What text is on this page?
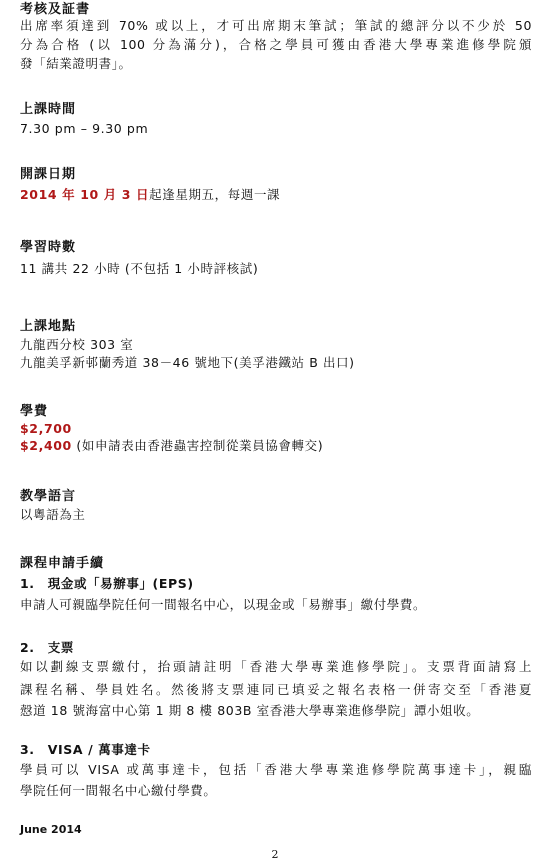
考核及証書
出席率須達到 70% 或以上，才可出席期末筆試；筆試的總評分以不少於 50
分為合格 (以 100 分為滿分)，合格之學員可獲由香港大學專業進修學院頒
發「結業證明書」。
上課時間
7.30 pm – 9.30 pm
開課日期
2014 年 10 月 3 日起逢星期五，每週一課
學習時數
11 講共 22 小時 (不包括 1 小時評核試)
上課地點
九龍西分校 303 室
九龍美孚新邨蘭秀道 38－46 號地下(美孚港鐵站 B 出口)
學費
$2,700
$2,400 (如申請表由香港蟲害控制從業員協會轉交)
教學語言
以粵語為主
課程申請手續
1.　現金或「易辦事」(EPS)
申請人可親臨學院任何一間報名中心，以現金或「易辦事」繳付學費。
2.　支票
如以劃線支票繳付，抬頭請註明「香港大學專業進修學院」。支票背面請寫上
課程名稱、學員姓名。然後將支票連同已填妥之報名表格一併寄交至「香港夏
慤道 18 號海富中心第 1 期 8 樓 803B 室香港大學專業進修學院」譚小姐收。
3.　VISA / 萬事達卡
學員可以 VISA 或萬事達卡，包括「香港大學專業進修學院萬事達卡」，親臨
學院任何一間報名中心繳付學費。
June 2014
2
